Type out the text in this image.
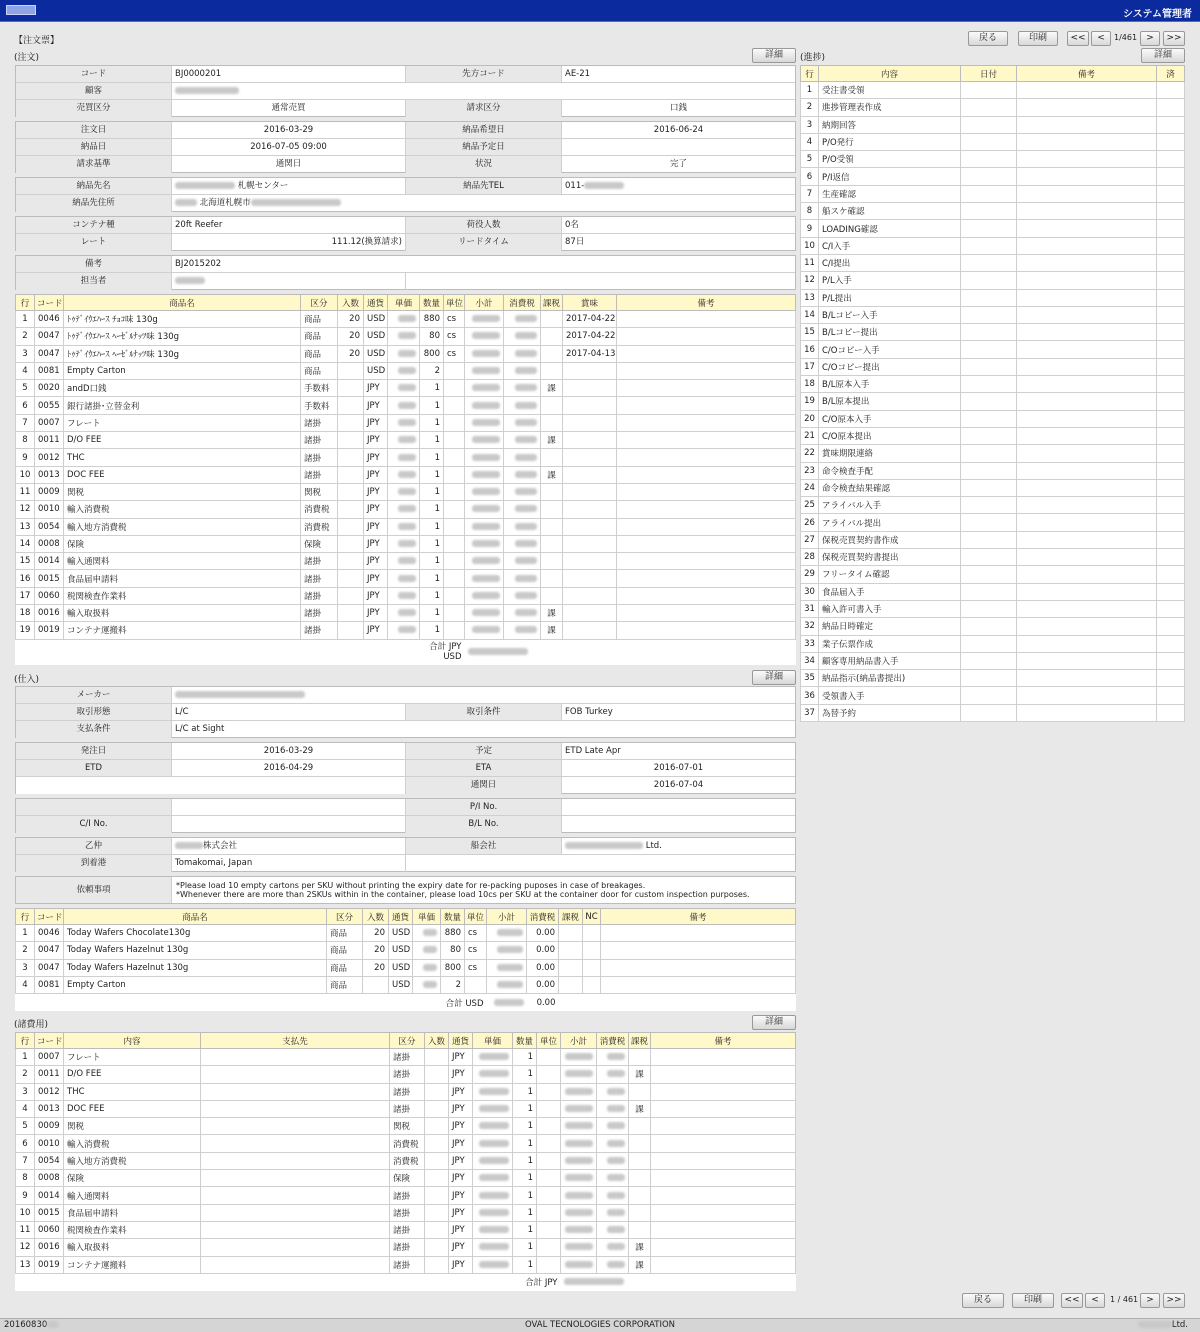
システム管理者
【注文票】	戻る	印刷	<<	<	1/461	>	>>
(注文)	詳細
コード	BJ0000201	先方コード	AE-21
顧客
売買区分	通常売買	請求区分	口銭
注文日	2016-03-29	納品希望日	2016-06-24
納品日	2016-07-05 09:00	納品予定日
請求基準	通関日	状況	完了
納品先名	札幌センター	納品先TEL	011-
納品先住所	北海道札幌市
コンテナ種	20ft Reefer	荷役人数	0名
レート	111.12(換算請求)	リードタイム	87日
備考	BJ2015202
担当者
行	コード	商品名	区分	入数	通貨	単価	数量	単位	小計	消費税	課税	賞味	備考
1	0046	ﾄｩﾃﾞｲｳｴﾊｰｽ ﾁｮｺ味 130g	商品	20	USD		880	cs				2017-04-22	
2	0047	ﾄｩﾃﾞｲｳｴﾊｰｽ ﾍｰｾﾞﾙﾅｯﾂ味 130g	商品	20	USD		80	cs				2017-04-22	
3	0047	ﾄｩﾃﾞｲｳｴﾊｰｽ ﾍｰｾﾞﾙﾅｯﾂ味 130g	商品	20	USD		800	cs				2017-04-13	
4	0081	Empty Carton	商品		USD		2						
5	0020	andD口銭	手数料		JPY		1				課		
6	0055	銀行諸掛･立替金利	手数料		JPY		1						
7	0007	フレート	諸掛		JPY		1						
8	0011	D/O FEE	諸掛		JPY		1				課		
9	0012	THC	諸掛		JPY		1						
10	0013	DOC FEE	諸掛		JPY		1				課		
11	0009	関税	関税		JPY		1						
12	0010	輸入消費税	消費税		JPY		1						
13	0054	輸入地方消費税	消費税		JPY		1						
14	0008	保険	保険		JPY		1						
15	0014	輸入通関料	諸掛		JPY		1						
16	0015	食品届申請料	諸掛		JPY		1						
17	0060	税関検査作業料	諸掛		JPY		1						
18	0016	輸入取扱料	諸掛		JPY		1				課		
19	0019	コンテナ運搬料	諸掛		JPY		1				課		

合計 JPY
USD													

(仕入)	詳細
メーカー
取引形態	L/C	取引条件	FOB Turkey
支払条件	L/C at Sight
発注日	2016-03-29	予定	ETD Late Apr
ETD	2016-04-29	ETA	2016-07-01
通関日	2016-07-04
P/I No.
C/I No.	B/L No.
乙仲	株式会社	船会社	Ltd.
到着港	Tomakomai, Japan
依頼事項	*Please load 10 empty cartons per SKU without printing the expiry date for re-packing puposes in case of breakages.
*Whenever there are more than 2SKUs within in the container, please load 10cs per SKU at the container door for custom inspection purposes.
行	コード	商品名	区分	入数	通貨	単価	数量	単位	小計	消費税	課税	NC	備考
1	0046	Today Wafers Chocolate130g	商品	20	USD		880	cs		0.00			
2	0047	Today Wafers Hazelnut 130g	商品	20	USD		80	cs		0.00			
3	0047	Today Wafers Hazelnut 130g	商品	20	USD		800	cs		0.00			
4	0081	Empty Carton	商品		USD		2			0.00			
合計 USD										0.00			
(諸費用)	詳細
行	コード	内容	支払先	区分	入数	通貨	単価	数量	単位	小計	消費税	課税	備考
1	0007	フレート		諸掛		JPY		1					
2	0011	D/O FEE		諸掛		JPY		1				課	
3	0012	THC		諸掛		JPY		1					
4	0013	DOC FEE		諸掛		JPY		1				課	
5	0009	関税		関税		JPY		1					
6	0010	輸入消費税		消費税		JPY		1					
7	0054	輸入地方消費税		消費税		JPY		1					
8	0008	保険		保険		JPY		1					
9	0014	輸入通関料		諸掛		JPY		1					
10	0015	食品届申請料		諸掛		JPY		1					
11	0060	税関検査作業料		諸掛		JPY		1					
12	0016	輸入取扱料		諸掛		JPY		1				課	
13	0019	コンテナ運搬料		諸掛		JPY		1				課	
合計 JPY													
戻る	印刷	<<	<	1 / 461 >	>>
(進捗)	詳細
行	内容	日付	備考	済
1	受注書受領			
2	進捗管理表作成			
3	納期回答			
4	P/O発行			
5	P/O受領			
6	P/I返信			
7	生産確認			
8	船スケ確認			
9	LOADING確認			
10	C/I入手			
11	C/I提出			
12	P/L入手			
13	P/L提出			
14	B/Lコピー入手			
15	B/Lコピー提出			
16	C/Oコピー入手			
17	C/Oコピー提出			
18	B/L原本入手			
19	B/L原本提出			
20	C/O原本入手			
21	C/O原本提出			
22	賞味期限連絡			
23	命令検査手配			
24	命令検査結果確認			
25	アライバル入手			
26	アライバル提出			
27	保税売買契約書作成			
28	保税売買契約書提出			
29	フリータイム確認			
30	食品届入手			
31	輸入許可書入手			
32	納品日時確定			
33	業子伝票作成			
34	顧客専用納品書入手			
35	納品指示(納品書提出)			
36	受領書入手			
37	為替予約			
20160830	OVAL TECNOLOGIES CORPORATION	Ltd.
